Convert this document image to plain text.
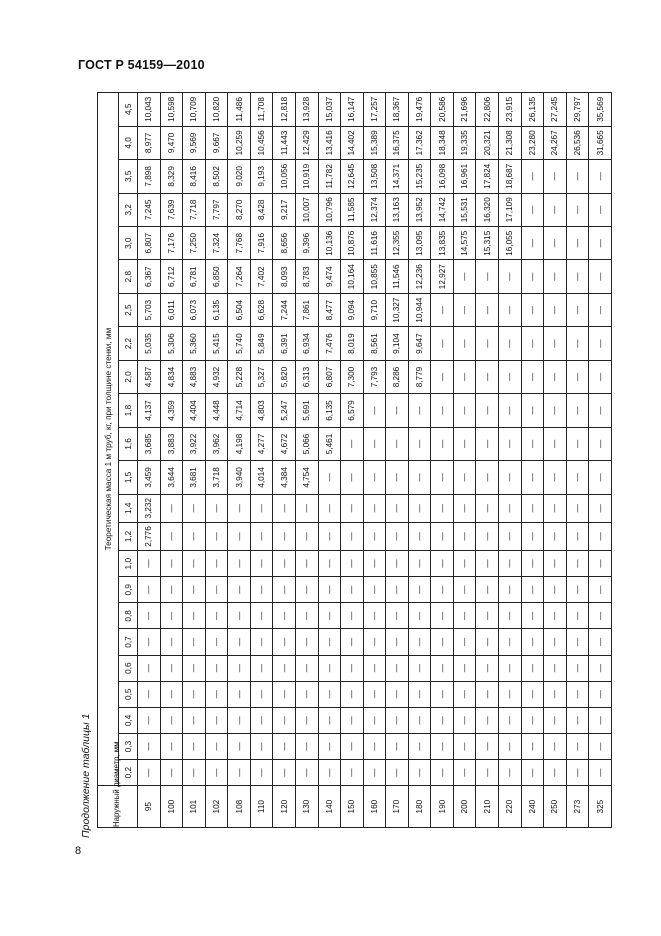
ГОСТ Р 54159—2010
Продолжение таблицы 1
8
Наружный диаметр, мм	Теоретическая масса 1 м труб, кг, при толщине стенки, мм																						
	0,2	0,3	0,4	0,5	0,6	0,7	0,8	0,9	1,0	1,2	1,4	1,5	1,6	1,8	2,0	2,2	2,5	2,8	3,0	3,2	3,5	4,0	4,5
95	—	—	—	—	—	—	—	—	—	2,776	3,232	3,459	3,685	4,137	4,587	5,035	5,703	6,367	6,807	7,245	7,898	8,977	10,043
100	—	—	—	—	—	—	—	—	—	—	—	3,644	3,883	4,359	4,834	5,306	6,011	6,712	7,176	7,639	8,329	9,470	10,598
101	—	—	—	—	—	—	—	—	—	—	—	3,681	3,922	4,404	4,883	5,360	6,073	6,781	7,250	7,718	8,416	9,569	10,709
102	—	—	—	—	—	—	—	—	—	—	—	3,718	3,962	4,448	4,932	5,415	6,135	6,850	7,324	7,797	8,502	9,667	10,820
108	—	—	—	—	—	—	—	—	—	—	—	3,940	4,198	4,714	5,228	5,740	6,504	7,264	7,768	8,270	9,020	10,259	11,486
110	—	—	—	—	—	—	—	—	—	—	—	4,014	4,277	4,803	5,327	5,849	6,628	7,402	7,916	8,428	9,193	10,456	11,708
120	—	—	—	—	—	—	—	—	—	—	—	4,384	4,672	5,247	5,820	6,391	7,244	8,093	8,656	9,217	10,056	11,443	12,818
130	—	—	—	—	—	—	—	—	—	—	—	4,754	5,066	5,691	6,313	6,934	7,861	8,783	9,396	10,007	10,919	12,429	13,928
140	—	—	—	—	—	—	—	—	—	—	—	—	5,461	6,135	6,807	7,476	8,477	9,474	10,136	10,796	11,782	13,416	15,037
150	—	—	—	—	—	—	—	—	—	—	—	—	—	6,579	7,300	8,019	9,094	10,164	10,876	11,585	12,645	14,402	16,147
160	—	—	—	—	—	—	—	—	—	—	—	—	—	—	7,793	8,561	9,710	10,855	11,616	12,374	13,508	15,389	17,257
170	—	—	—	—	—	—	—	—	—	—	—	—	—	—	8,286	9,104	10,327	11,546	12,355	13,163	14,371	16,375	18,367
180	—	—	—	—	—	—	—	—	—	—	—	—	—	—	8,779	9,647	10,944	12,236	13,095	13,952	15,235	17,362	19,476
190	—	—	—	—	—	—	—	—	—	—	—	—	—	—	—	—	—	12,927	13,835	14,742	16,098	18,348	20,586
200	—	—	—	—	—	—	—	—	—	—	—	—	—	—	—	—	—	—	14,575	15,531	16,961	19,335	21,696
210	—	—	—	—	—	—	—	—	—	—	—	—	—	—	—	—	—	—	15,315	16,320	17,824	20,321	22,806
220	—	—	—	—	—	—	—	—	—	—	—	—	—	—	—	—	—	—	16,055	17,109	18,687	21,308	23,915
240	—	—	—	—	—	—	—	—	—	—	—	—	—	—	—	—	—	—	—	—	—	23,280	26,135
250	—	—	—	—	—	—	—	—	—	—	—	—	—	—	—	—	—	—	—	—	—	24,267	27,245
273	—	—	—	—	—	—	—	—	—	—	—	—	—	—	—	—	—	—	—	—	—	26,536	29,797
325	—	—	—	—	—	—	—	—	—	—	—	—	—	—	—	—	—	—	—	—	—	31,665	35,569
